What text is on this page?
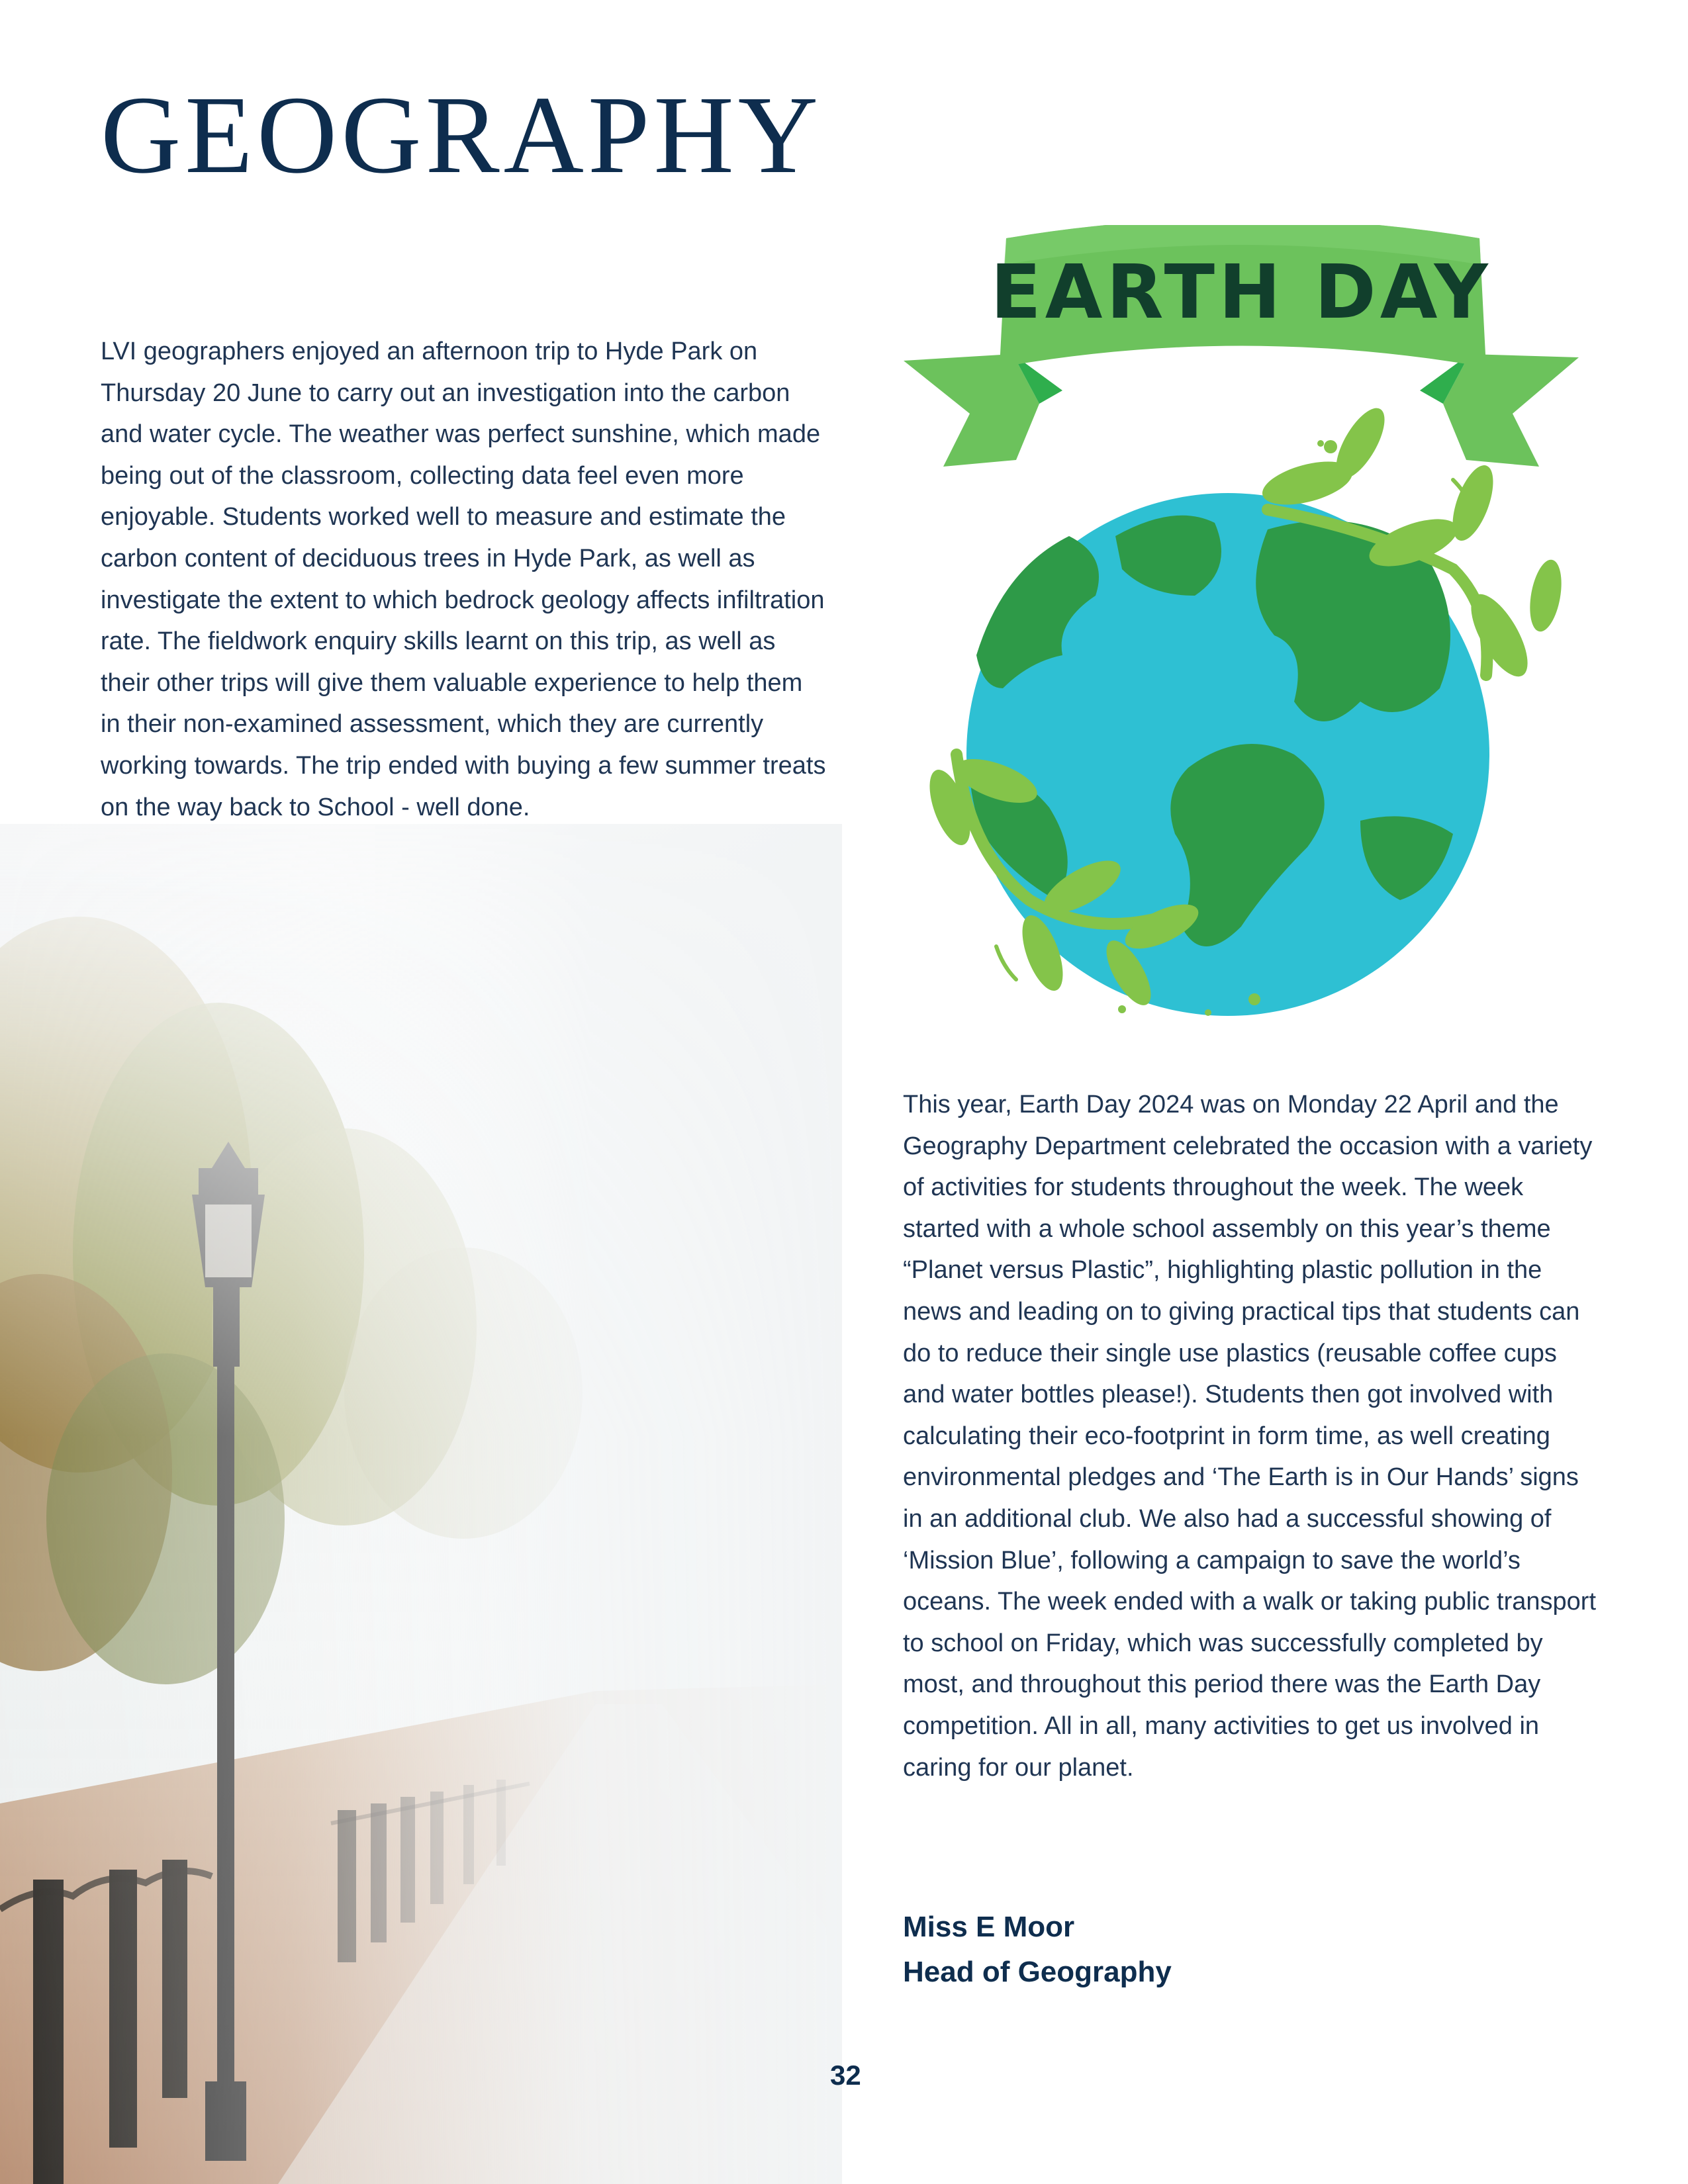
GEOGRAPHY

LVI geographers enjoyed an afternoon trip to Hyde Park on Thursday 20 June to carry out an investigation into the carbon and water cycle. The weather was perfect sunshine, which made being out of the classroom, collecting data feel even more enjoyable. Students worked well to measure and estimate the carbon content of deciduous trees in Hyde Park, as well as investigate the extent to which bedrock geology affects infiltration rate. The fieldwork enquiry skills learnt on this trip, as well as their other trips will give them valuable experience to help them in their non-examined assessment, which they are currently working towards. The trip ended with buying a few summer treats on the way back to School - well done.

EARTH DAY

This year, Earth Day 2024 was on Monday 22 April and the Geography Department celebrated the occasion with a variety of activities for students throughout the week. The week started with a whole school assembly on this year’s theme “Planet versus Plastic”, highlighting plastic pollution in the news and leading on to giving practical tips that students can do to reduce their single use plastics (reusable coffee cups and water bottles please!). Students then got involved with calculating their eco-footprint in form time, as well creating environmental pledges and ‘The Earth is in Our Hands’ signs in an additional club. We also had a successful showing of ‘Mission Blue’, following a campaign to save the world’s oceans. The week ended with a walk or taking public transport to school on Friday, which was successfully completed by most, and throughout this period there was the Earth Day competition. All in all, many activities to get us involved in caring for our planet.

Miss E Moor
Head of Geography
32
